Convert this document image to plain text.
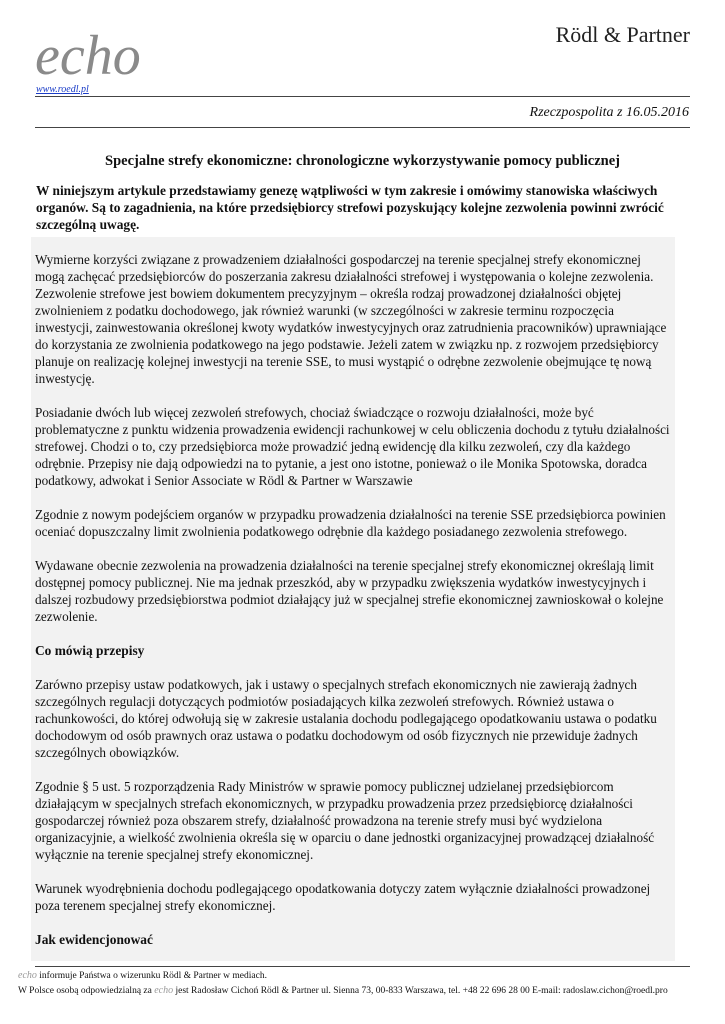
echo	Rödl & Partner
www.roedl.pl
Rzeczpospolita z 16.05.2016
Specjalne strefy ekonomiczne: chronologiczne wykorzystywanie pomocy publicznej
W niniejszym artykule przedstawiamy genezę wątpliwości w tym zakresie i omówimy stanowiska właściwych organów. Są to zagadnienia, na które przedsiębiorcy strefowi pozyskujący kolejne zezwolenia powinni zwrócić szczególną uwagę.

Wymierne korzyści związane z prowadzeniem działalności gospodarczej na terenie specjalnej strefy ekonomicznej mogą zachęcać przedsiębiorców do poszerzania zakresu działalności strefowej i występowania o kolejne zezwolenia. Zezwolenie strefowe jest bowiem dokumentem precyzyjnym – określa rodzaj prowadzonej działalności objętej zwolnieniem z podatku dochodowego, jak również warunki (w szczególności w zakresie terminu rozpoczęcia inwestycji, zainwestowania określonej kwoty wydatków inwestycyjnych oraz zatrudnienia pracowników) uprawniające do korzystania ze zwolnienia podatkowego na jego podstawie. Jeżeli zatem w związku np. z rozwojem przedsiębiorcy planuje on realizację kolejnej inwestycji na terenie SSE, to musi wystąpić o odrębne zezwolenie obejmujące tę nową inwestycję.

Posiadanie dwóch lub więcej zezwoleń strefowych, chociaż świadczące o rozwoju działalności, może być problematyczne z punktu widzenia prowadzenia ewidencji rachunkowej w celu obliczenia dochodu z tytułu działalności strefowej. Chodzi o to, czy przedsiębiorca może prowadzić jedną ewidencję dla kilku zezwoleń, czy dla każdego odrębnie. Przepisy nie dają odpowiedzi na to pytanie, a jest ono istotne, ponieważ o ile Monika Spotowska, doradca podatkowy, adwokat i Senior Associate w Rödl & Partner w Warszawie

Zgodnie z nowym podejściem organów w przypadku prowadzenia działalności na terenie SSE przedsiębiorca powinien oceniać dopuszczalny limit zwolnienia podatkowego odrębnie dla każdego posiadanego zezwolenia strefowego.

Wydawane obecnie zezwolenia na prowadzenia działalności na terenie specjalnej strefy ekonomicznej określają limit dostępnej pomocy publicznej. Nie ma jednak przeszkód, aby w przypadku zwiększenia wydatków inwestycyjnych i dalszej rozbudowy przedsiębiorstwa podmiot działający już w specjalnej strefie ekonomicznej zawnioskował o kolejne zezwolenie.

Co mówią przepisy

Zarówno przepisy ustaw podatkowych, jak i ustawy o specjalnych strefach ekonomicznych nie zawierają żadnych szczególnych regulacji dotyczących podmiotów posiadających kilka zezwoleń strefowych. Również ustawa o rachunkowości, do której odwołują się w zakresie ustalania dochodu podlegającego opodatkowaniu ustawa o podatku dochodowym od osób prawnych oraz ustawa o podatku dochodowym od osób fizycznych nie przewiduje żadnych szczególnych obowiązków.

Zgodnie § 5 ust. 5 rozporządzenia Rady Ministrów w sprawie pomocy publicznej udzielanej przedsiębiorcom działającym w specjalnych strefach ekonomicznych, w przypadku prowadzenia przez przedsiębiorcę działalności gospodarczej również poza obszarem strefy, działalność prowadzona na terenie strefy musi być wydzielona organizacyjnie, a wielkość zwolnienia określa się w oparciu o dane jednostki organizacyjnej prowadzącej działalność wyłącznie na terenie specjalnej strefy ekonomicznej.

Warunek wyodrębnienia dochodu podlegającego opodatkowania dotyczy zatem wyłącznie działalności prowadzonej poza terenem specjalnej strefy ekonomicznej.

Jak ewidencjonować

echo informuje Państwa o wizerunku Rödl & Partner w mediach.
W Polsce osobą odpowiedzialną za echo jest Radosław Cichoń Rödl & Partner ul. Sienna 73, 00-833 Warszawa, tel. +48 22 696 28 00 E-mail: radoslaw.cichon@roedl.pro
